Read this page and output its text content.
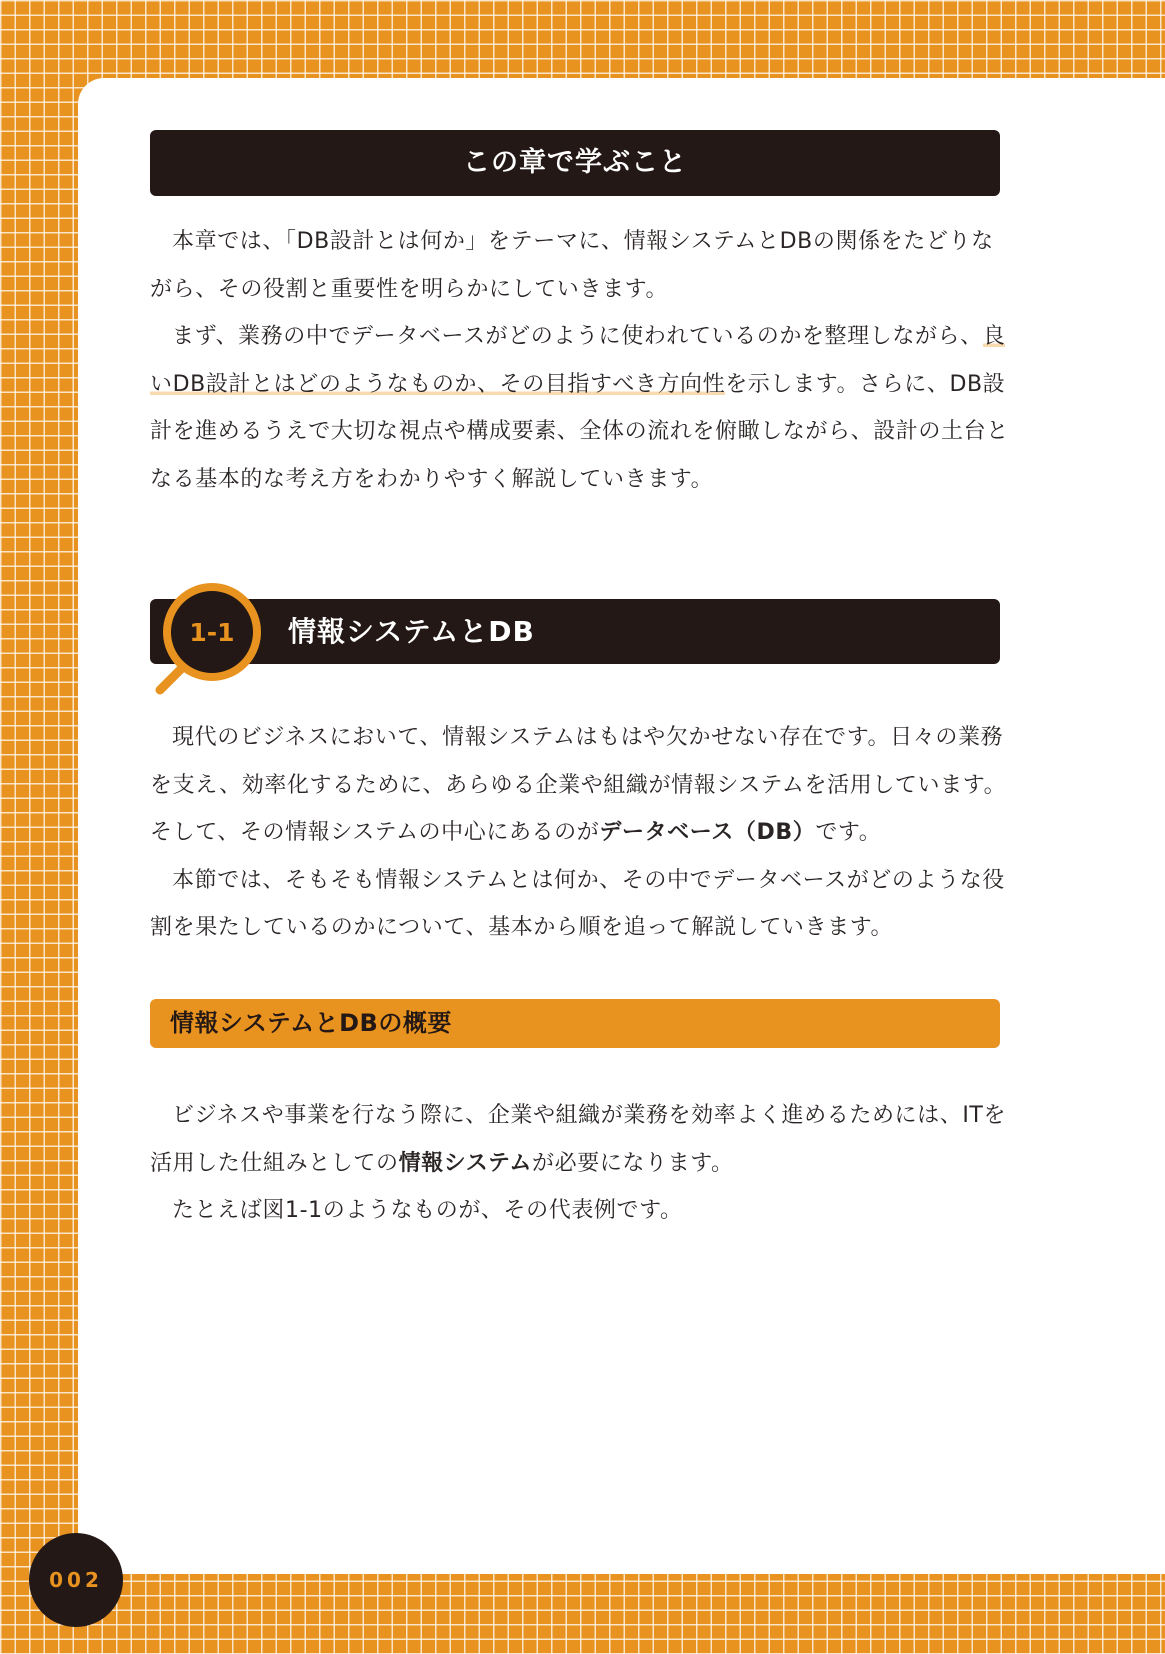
この章で学ぶこと

本章では、「DB設計とは何か」をテーマに、情報システムとDBの関係をたどりながら、その役割と重要性を明らかにしていきます。

まず、業務の中でデータベースがどのように使われているのかを整理しながら、良いDB設計とはどのようなものか、その目指すべき方向性を示します。さらに、DB設計を進めるうえで大切な視点や構成要素、全体の流れを俯瞰しながら、設計の土台となる基本的な考え方をわかりやすく解説していきます。

1-1 情報システムとDB

現代のビジネスにおいて、情報システムはもはや欠かせない存在です。日々の業務を支え、効率化するために、あらゆる企業や組織が情報システムを活用しています。そして、その情報システムの中心にあるのがデータベース（DB）です。

本節では、そもそも情報システムとは何か、その中でデータベースがどのような役割を果たしているのかについて、基本から順を追って解説していきます。

情報システムとDBの概要

ビジネスや事業を行なう際に、企業や組織が業務を効率よく進めるためには、ITを活用した仕組みとしての情報システムが必要になります。

たとえば図1-1のようなものが、その代表例です。

002
